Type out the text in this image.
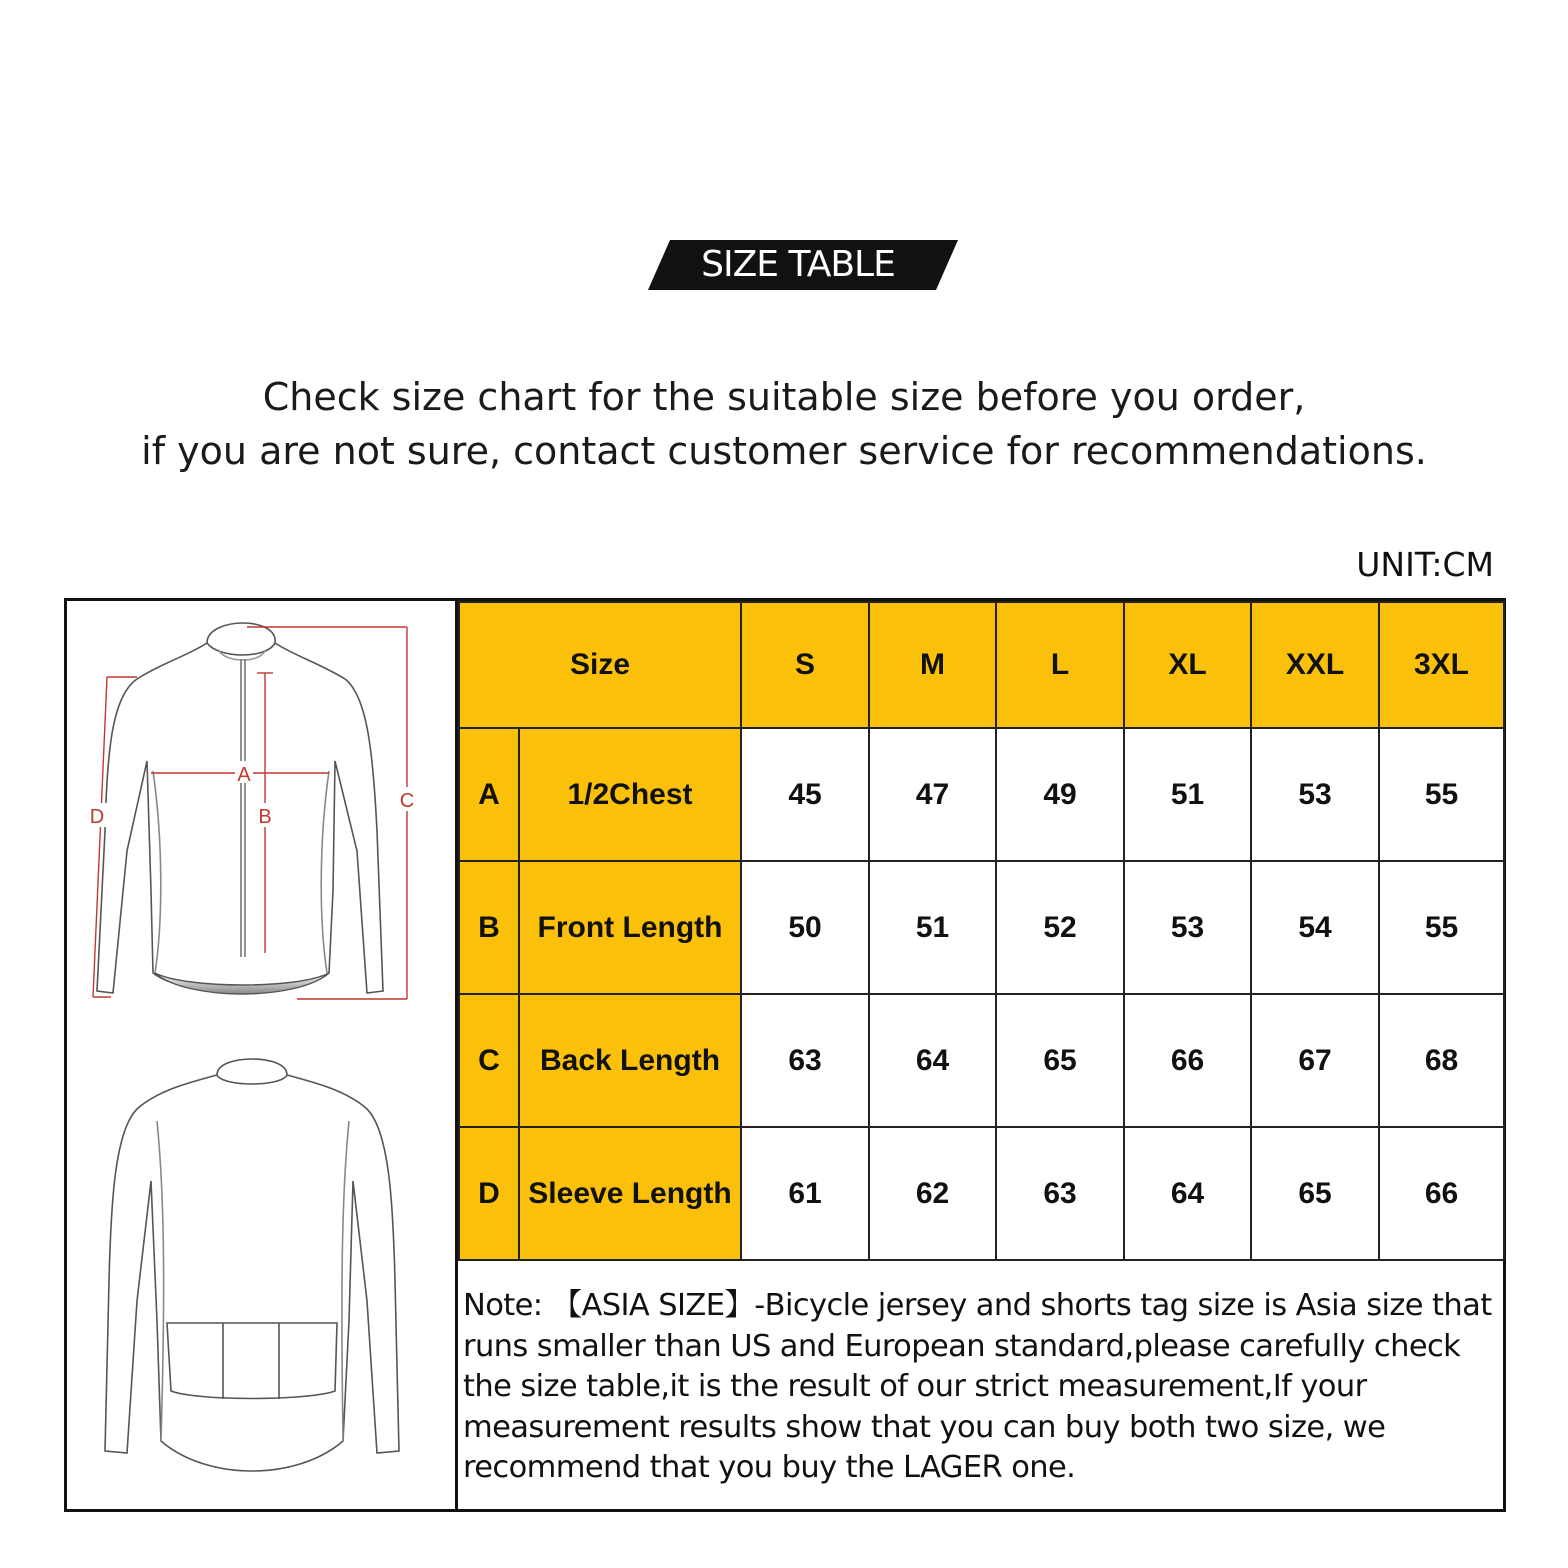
SIZE TABLE
Check size chart for the suitable size before you order,
if you are not sure, contact customer service for recommendations.
UNIT:CM
A
B
C
D
Size		S	M	L	XL	XXL	3XL
A	1/2Chest	45	47	49	51	53	55
B	Front Length	50	51	52	53	54	55
C	Back Length	63	64	65	66	67	68
D	Sleeve Length	61	62	63	64	65	66
Note: 【ASIA SIZE】-Bicycle jersey and shorts tag size is Asia size that runs smaller than US and European standard,please carefully check the size table,it is the result of our strict measurement,If your measurement results show that you can buy both two size, we recommend that you buy the LAGER one.
